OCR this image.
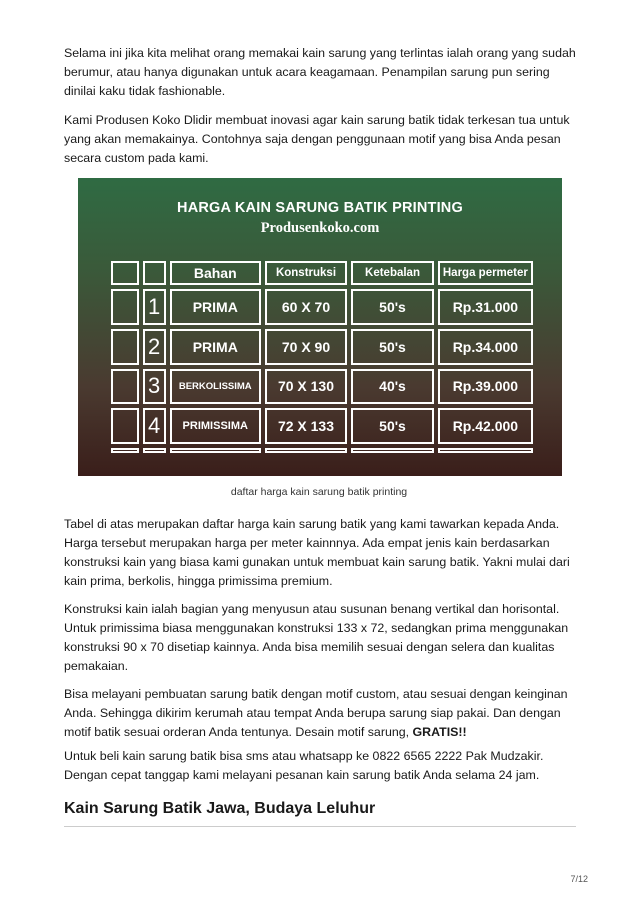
Selama ini jika kita melihat orang memakai kain sarung yang terlintas ialah orang yang sudah berumur, atau hanya digunakan untuk acara keagamaan. Penampilan sarung pun sering dinilai kaku tidak fashionable.

Kami Produsen Koko Dlidir membuat inovasi agar kain sarung batik tidak terkesan tua untuk yang akan memakainya. Contohnya saja dengan penggunaan motif yang bisa Anda pesan secara custom pada kami.

HARGA KAIN SARUNG BATIK PRINTING
Produsenkoko.com
		Bahan	Konstruksi	Ketebalan	Harga permeter
	1	PRIMA	60 X 70	50's	Rp.31.000
	2	PRIMA	70 X 90	50's	Rp.34.000
	3	BERKOLISSIMA	70 X 130	40's	Rp.39.000
	4	PRIMISSIMA	72 X 133	50's	Rp.42.000

daftar harga kain sarung batik printing

Tabel di atas merupakan daftar harga kain sarung batik yang kami tawarkan kepada Anda. Harga tersebut merupakan harga per meter kainnnya. Ada empat jenis kain berdasarkan konstruksi kain yang biasa kami gunakan untuk membuat kain sarung batik. Yakni mulai dari kain prima, berkolis, hingga primissima premium.

Konstruksi kain ialah bagian yang menyusun atau susunan benang vertikal dan horisontal. Untuk primissima biasa menggunakan konstruksi 133 x 72, sedangkan prima menggunakan konstruksi 90 x 70 disetiap kainnya. Anda bisa memilih sesuai dengan selera dan kualitas pemakaian.

Bisa melayani pembuatan sarung batik dengan motif custom, atau sesuai dengan keinginan Anda. Sehingga dikirim kerumah atau tempat Anda berupa sarung siap pakai. Dan dengan motif batik sesuai orderan Anda tentunya. Desain motif sarung, GRATIS!!

Untuk beli kain sarung batik bisa sms atau whatsapp ke 0822 6565 2222 Pak Mudzakir. Dengan cepat tanggap kami melayani pesanan kain sarung batik Anda selama 24 jam.

Kain Sarung Batik Jawa, Budaya Leluhur
7/12
